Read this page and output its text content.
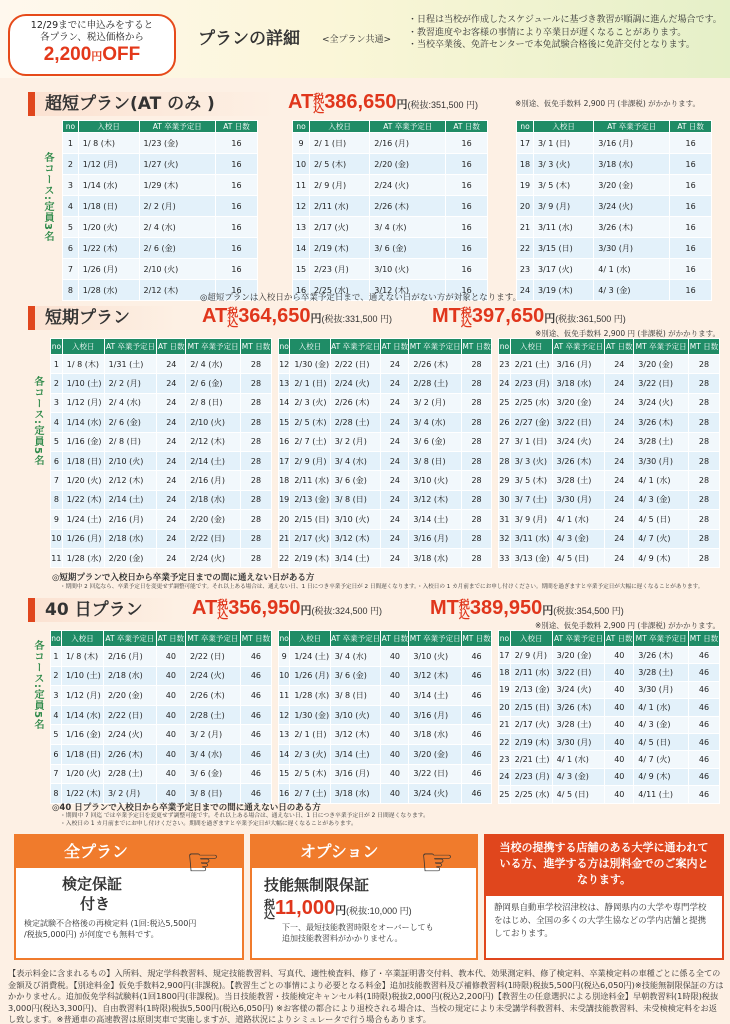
12/29までに申込みをすると
各プラン、税込価格から
2,200円OFF
プランの詳細 <全プラン共通>
・日程は当校が作成したスケジュールに基づき教習が順調に進んだ場合です。
・教習進度やお客様の事情により卒業日が遅くなることがあります。
・当校卒業後、免許センターで本免試験合格後に免許交付となります。
超短プラン(AT のみ )	AT税
込386,650円(税抜:351,500 円)	※別途、仮免手数料 2,900 円 (非課税) がかかります。
各コース:定員3名
no	入校日	AT 卒業予定日	AT 日数
1	1/ 8 (木)	1/23 (金)	16
2	1/12 (月)	1/27 (火)	16
3	1/14 (水)	1/29 (木)	16
4	1/18 (日)	2/ 2 (月)	16
5	1/20 (火)	2/ 4 (水)	16
6	1/22 (木)	2/ 6 (金)	16
7	1/26 (月)	2/10 (火)	16
8	1/28 (水)	2/12 (木)	16
no	入校日	AT 卒業予定日	AT 日数
9	2/ 1 (日)	2/16 (月)	16
10	2/ 5 (木)	2/20 (金)	16
11	2/ 9 (月)	2/24 (火)	16
12	2/11 (水)	2/26 (木)	16
13	2/17 (火)	3/ 4 (水)	16
14	2/19 (木)	3/ 6 (金)	16
15	2/23 (月)	3/10 (火)	16
16	2/25 (水)	3/12 (木)	16
no	入校日	AT 卒業予定日	AT 日数
17	3/ 1 (日)	3/16 (月)	16
18	3/ 3 (火)	3/18 (水)	16
19	3/ 5 (木)	3/20 (金)	16
20	3/ 9 (月)	3/24 (火)	16
21	3/11 (水)	3/26 (木)	16
22	3/15 (日)	3/30 (月)	16
23	3/17 (火)	4/ 1 (水)	16
24	3/19 (木)	4/ 3 (金)	16
◎超短プランは入校日から卒業予定日まで、通えない日がない方が対象となります。
短期プラン	AT税
込364,650円(税抜:331,500 円) MT税
込397,650円(税抜:361,500 円)
※別途、仮免手数料 2,900 円 (非課税) がかかります。
各コース:定員5名
no	入校日	AT 卒業予定日	AT 日数	MT 卒業予定日	MT 日数
1	1/ 8 (木)	1/31 (土)	24	2/ 4 (水)	28
2	1/10 (土)	2/ 2 (月)	24	2/ 6 (金)	28
3	1/12 (月)	2/ 4 (水)	24	2/ 8 (日)	28
4	1/14 (水)	2/ 6 (金)	24	2/10 (火)	28
5	1/16 (金)	2/ 8 (日)	24	2/12 (木)	28
6	1/18 (日)	2/10 (火)	24	2/14 (土)	28
7	1/20 (火)	2/12 (木)	24	2/16 (月)	28
8	1/22 (木)	2/14 (土)	24	2/18 (水)	28
9	1/24 (土)	2/16 (月)	24	2/20 (金)	28
10	1/26 (月)	2/18 (水)	24	2/22 (日)	28
11	1/28 (水)	2/20 (金)	24	2/24 (火)	28
no	入校日	AT 卒業予定日	AT 日数	MT 卒業予定日	MT 日数
12	1/30 (金)	2/22 (日)	24	2/26 (木)	28
13	2/ 1 (日)	2/24 (火)	24	2/28 (土)	28
14	2/ 3 (火)	2/26 (木)	24	3/ 2 (月)	28
15	2/ 5 (木)	2/28 (土)	24	3/ 4 (水)	28
16	2/ 7 (土)	3/ 2 (月)	24	3/ 6 (金)	28
17	2/ 9 (月)	3/ 4 (水)	24	3/ 8 (日)	28
18	2/11 (水)	3/ 6 (金)	24	3/10 (火)	28
19	2/13 (金)	3/ 8 (日)	24	3/12 (木)	28
20	2/15 (日)	3/10 (火)	24	3/14 (土)	28
21	2/17 (火)	3/12 (木)	24	3/16 (月)	28
22	2/19 (木)	3/14 (土)	24	3/18 (水)	28
no	入校日	AT 卒業予定日	AT 日数	MT 卒業予定日	MT 日数
23	2/21 (土)	3/16 (月)	24	3/20 (金)	28
24	2/23 (月)	3/18 (水)	24	3/22 (日)	28
25	2/25 (水)	3/20 (金)	24	3/24 (火)	28
26	2/27 (金)	3/22 (日)	24	3/26 (木)	28
27	3/ 1 (日)	3/24 (火)	24	3/28 (土)	28
28	3/ 3 (火)	3/26 (木)	24	3/30 (月)	28
29	3/ 5 (木)	3/28 (土)	24	4/ 1 (水)	28
30	3/ 7 (土)	3/30 (月)	24	4/ 3 (金)	28
31	3/ 9 (月)	4/ 1 (水)	24	4/ 5 (日)	28
32	3/11 (水)	4/ 3 (金)	24	4/ 7 (火)	28
33	3/13 (金)	4/ 5 (日)	24	4/ 9 (木)	28
◎短期プランで入校日から卒業予定日までの間に通えない日がある方
・期間中 2 回迄なら、卒業予定日を変更せず調整可能です。それ以上ある場合は、通えない日、1 日につき卒業予定日が 2 日間遅くなります。・入校日の 1 カ月前までにお申し付けください。期間を過ぎますと卒業予定日が大幅に遅くなることがあります。
40 日プラン	AT税
込356,950円(税抜:324,500 円) MT税
込389,950円(税抜:354,500 円)
※別途、仮免手数料 2,900 円 (非課税) がかかります。
各コース:定員5名
no	入校日	AT 卒業予定日	AT 日数	MT 卒業予定日	MT 日数
1	1/ 8 (木)	2/16 (月)	40	2/22 (日)	46
2	1/10 (土)	2/18 (水)	40	2/24 (火)	46
3	1/12 (月)	2/20 (金)	40	2/26 (木)	46
4	1/14 (水)	2/22 (日)	40	2/28 (土)	46
5	1/16 (金)	2/24 (火)	40	3/ 2 (月)	46
6	1/18 (日)	2/26 (木)	40	3/ 4 (水)	46
7	1/20 (火)	2/28 (土)	40	3/ 6 (金)	46
8	1/22 (木)	3/ 2 (月)	40	3/ 8 (日)	46
no	入校日	AT 卒業予定日	AT 日数	MT 卒業予定日	MT 日数
9	1/24 (土)	3/ 4 (水)	40	3/10 (火)	46
10	1/26 (月)	3/ 6 (金)	40	3/12 (木)	46
11	1/28 (水)	3/ 8 (日)	40	3/14 (土)	46
12	1/30 (金)	3/10 (火)	40	3/16 (月)	46
13	2/ 1 (日)	3/12 (木)	40	3/18 (水)	46
14	2/ 3 (火)	3/14 (土)	40	3/20 (金)	46
15	2/ 5 (木)	3/16 (月)	40	3/22 (日)	46
16	2/ 7 (土)	3/18 (水)	40	3/24 (火)	46
no	入校日	AT 卒業予定日	AT 日数	MT 卒業予定日	MT 日数
17	2/ 9 (月)	3/20 (金)	40	3/26 (木)	46
18	2/11 (水)	3/22 (日)	40	3/28 (土)	46
19	2/13 (金)	3/24 (火)	40	3/30 (月)	46
20	2/15 (日)	3/26 (木)	40	4/ 1 (水)	46
21	2/17 (火)	3/28 (土)	40	4/ 3 (金)	46
22	2/19 (木)	3/30 (月)	40	4/ 5 (日)	46
23	2/21 (土)	4/ 1 (水)	40	4/ 7 (火)	46
24	2/23 (月)	4/ 3 (金)	40	4/ 9 (木)	46
25	2/25 (水)	4/ 5 (日)	40	4/11 (土)	46
◎40 日プランで入校日から卒業予定日までの間に通えない日のある方
・期間中 7 回迄 では卒業予定日を変更せず調整可能です。それ以上ある場合は、通えない日、1 日につき卒業予定日が 2 日間遅くなります。
・入校日の 1 カ月前までにお申し付けください。期間を過ぎますと卒業予定日が大幅に遅くなることがあります。
全プラン
検定保証
付き
検定試験不合格後の再検定料 (1回:税込5,500円
/税抜5,000円) が何度でも無料です。
☞	オプション
技能無制限保証
税
込11,000円(税抜:10,000 円)
下一、最短技能教習時限をオーバーしても
追加技能教習料がかかりません。
☞	当校の提携する店舗のある大学に通われている方、進学する方は別料金でのご案内となります。
静岡県自動車学校沼津校は、静岡県内の大学や専門学校をはじめ、全国の多くの大学生協などの学内店舗と提携しております。
【表示料金に含まれるもの】入所料、規定学科教習料、規定技能教習料、写真代、適性検査料、修了・卒業証明書交付料、教本代、効果測定料、修了検定料、卒業検定料の車種ごとに係る全ての金額及び消費税。【別途料金】仮免手数料2,900円(非課税)。【教習生ごとの事情により必要となる料金】追加技能教習料及び補修教習料(1時限)税抜5,500円(税込6,050円)※技能無制限保証の方はかかりません。追加仮免学科試験料(1回1800円(非課税)。当日技能教習・技能検定キャンセル料(1時限)税抜2,000円(税込2,200円)【教習生の任意選択による別途料金】早朝教習料(1時限)税抜3,000円(税込3,300円)、自由教習料(1時限)税抜5,500円(税込6,050円) ※お客様の都合により退校される場合は、当校の規定により未受講学科教習料、未受講技能教習料、未受検検定料をお返し致します。※普通車の高速教習は原則実車で実施しますが、道路状況によりシミュレータで行う場合もあります。
